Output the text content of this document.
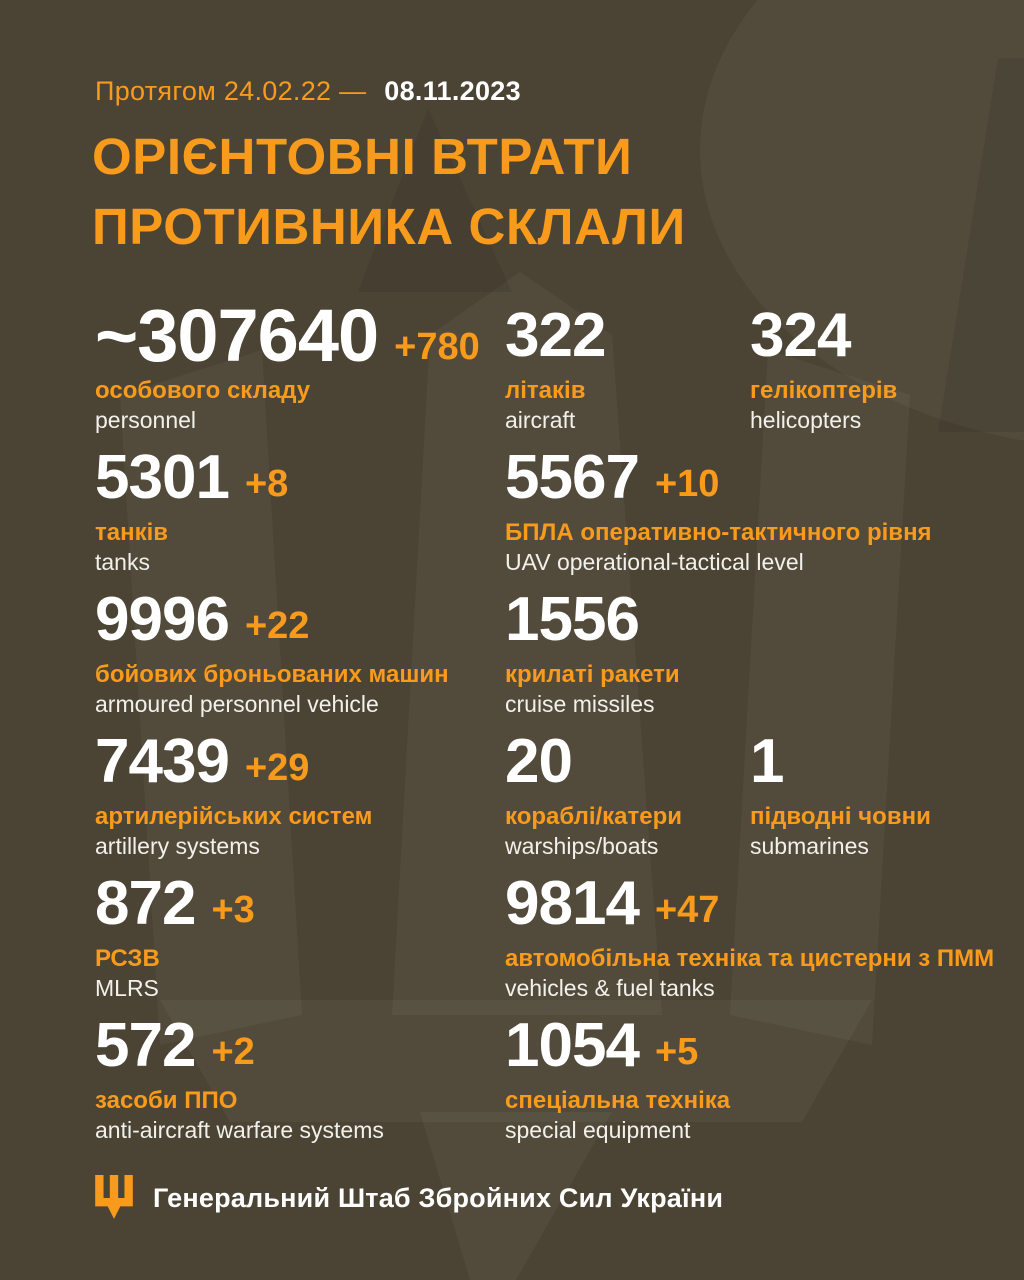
Протягом 24.02.22 — 08.11.2023
ОРІЄНТОВНІ ВТРАТИ
ПРОТИВНИКА СКЛАЛИ
~307640 +780
особового складу
personnel
322
літаків
aircraft
324
гелікоптерів
helicopters
5301 +8
танків
tanks
5567 +10
БПЛА оперативно-тактичного рівня
UAV operational-tactical level
9996 +22
бойових броньованих машин
armoured personnel vehicle
1556
крилаті ракети
cruise missiles
7439 +29
артилерійських систем
artillery systems
20
кораблі/катери
warships/boats
1
підводні човни
submarines
872 +3
РСЗВ
MLRS
9814 +47
автомобільна техніка та цистерни з ПММ
vehicles & fuel tanks
572 +2
засоби ППО
anti-aircraft warfare systems
1054 +5
спеціальна техніка
special equipment
Генеральний Штаб Збройних Сил України
